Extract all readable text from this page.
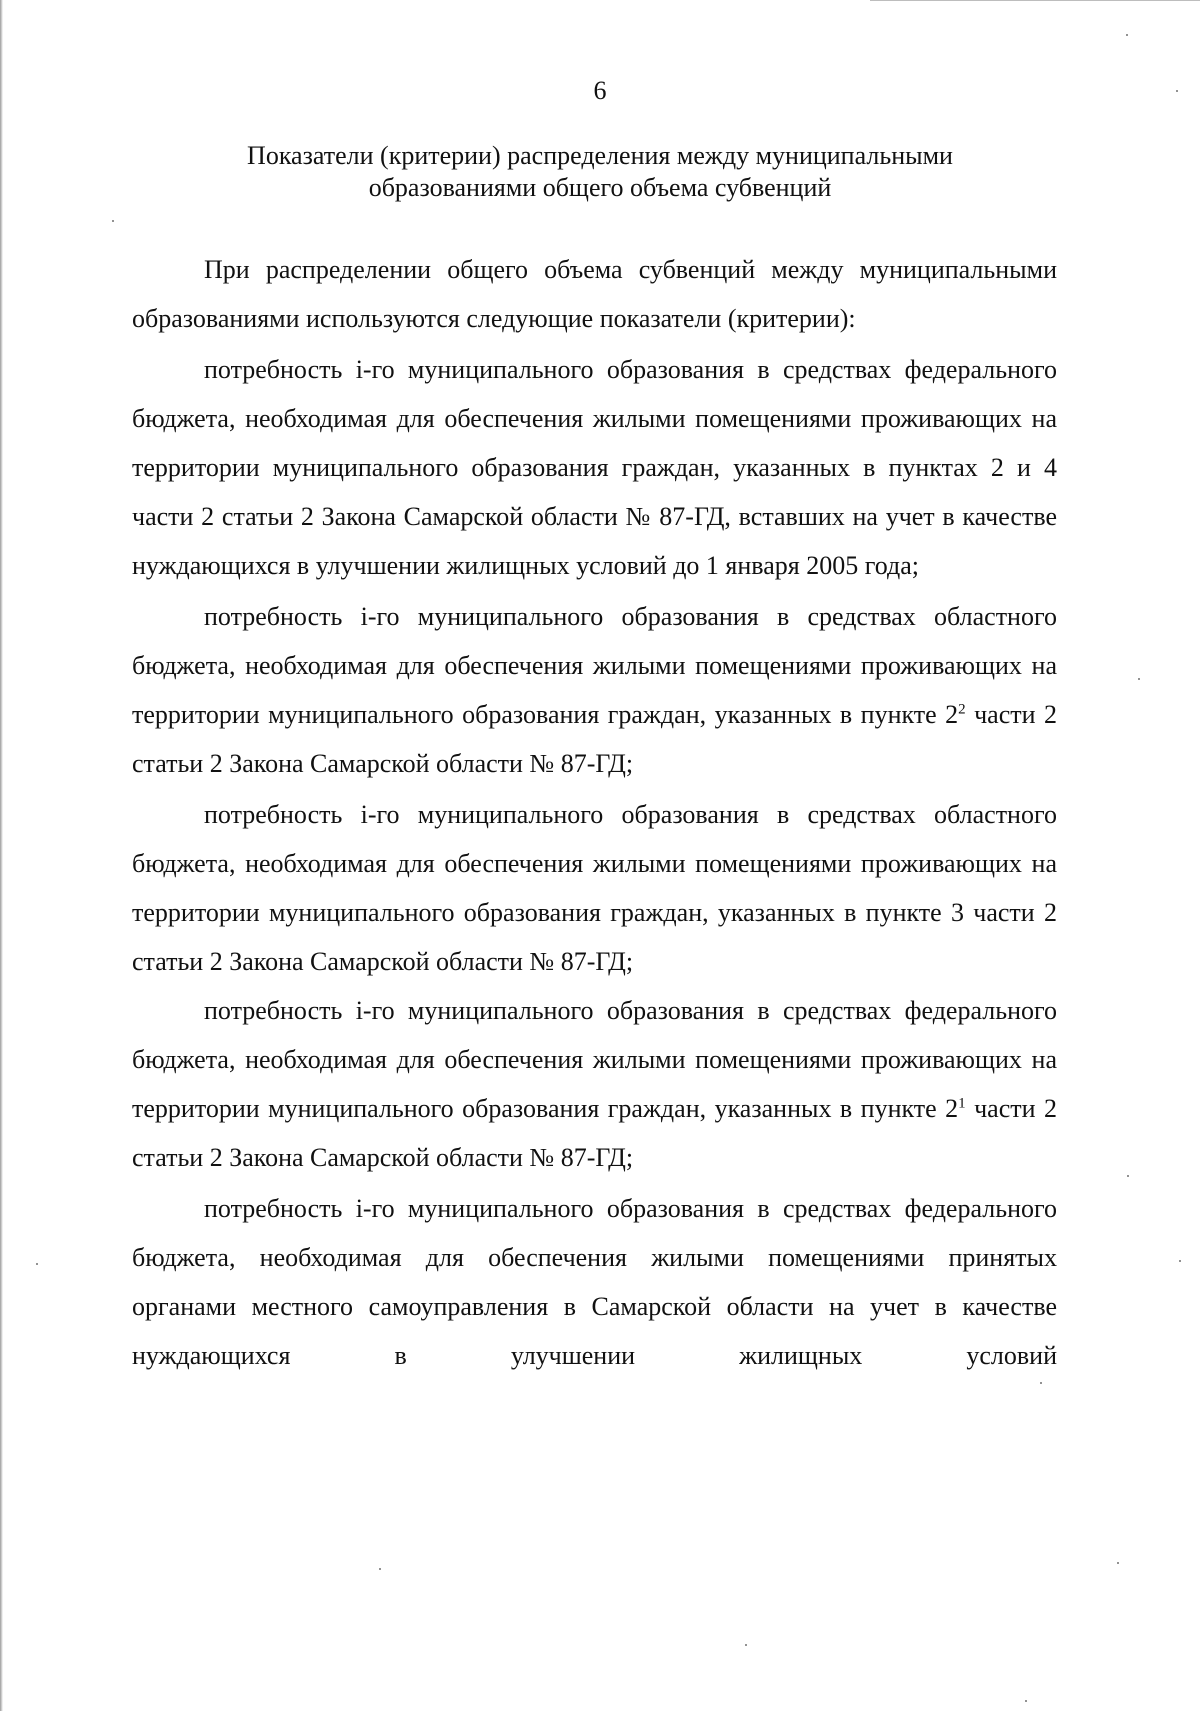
6
Показатели (критерии) распределения между муниципальными
образованиями общего объема субвенций

При распределении общего объема субвенций между муниципальными образованиями используются следующие показатели (критерии):

потребность i-го муниципального образования в средствах федерального бюджета, необходимая для обеспечения жилыми помещениями проживающих на территории муниципального образования граждан, указанных в пунктах 2 и 4 части 2 статьи 2 Закона Самарской области № 87-ГД, вставших на учет в качестве нуждающихся в улучшении жилищных условий до 1 января 2005 года;

потребность i-го муниципального образования в средствах областного бюджета, необходимая для обеспечения жилыми помещениями проживающих на территории муниципального образования граждан, указанных в пункте $2^2$ части 2 статьи 2 Закона Самарской области № 87-ГД;

потребность i-го муниципального образования в средствах областного бюджета, необходимая для обеспечения жилыми помещениями проживающих на территории муниципального образования граждан, указанных в пункте 3 части 2 статьи 2 Закона Самарской области № 87-ГД;

потребность i-го муниципального образования в средствах федерального бюджета, необходимая для обеспечения жилыми помещениями проживающих на территории муниципального образования граждан, указанных в пункте $2^1$ части 2 статьи 2 Закона Самарской области № 87-ГД;

потребность i-го муниципального образования в средствах федерального бюджета, необходимая для обеспечения жилыми помещениями принятых органами местного самоуправления в Самарской области на учет в качестве нуждающихся в улучшении жилищных условий
